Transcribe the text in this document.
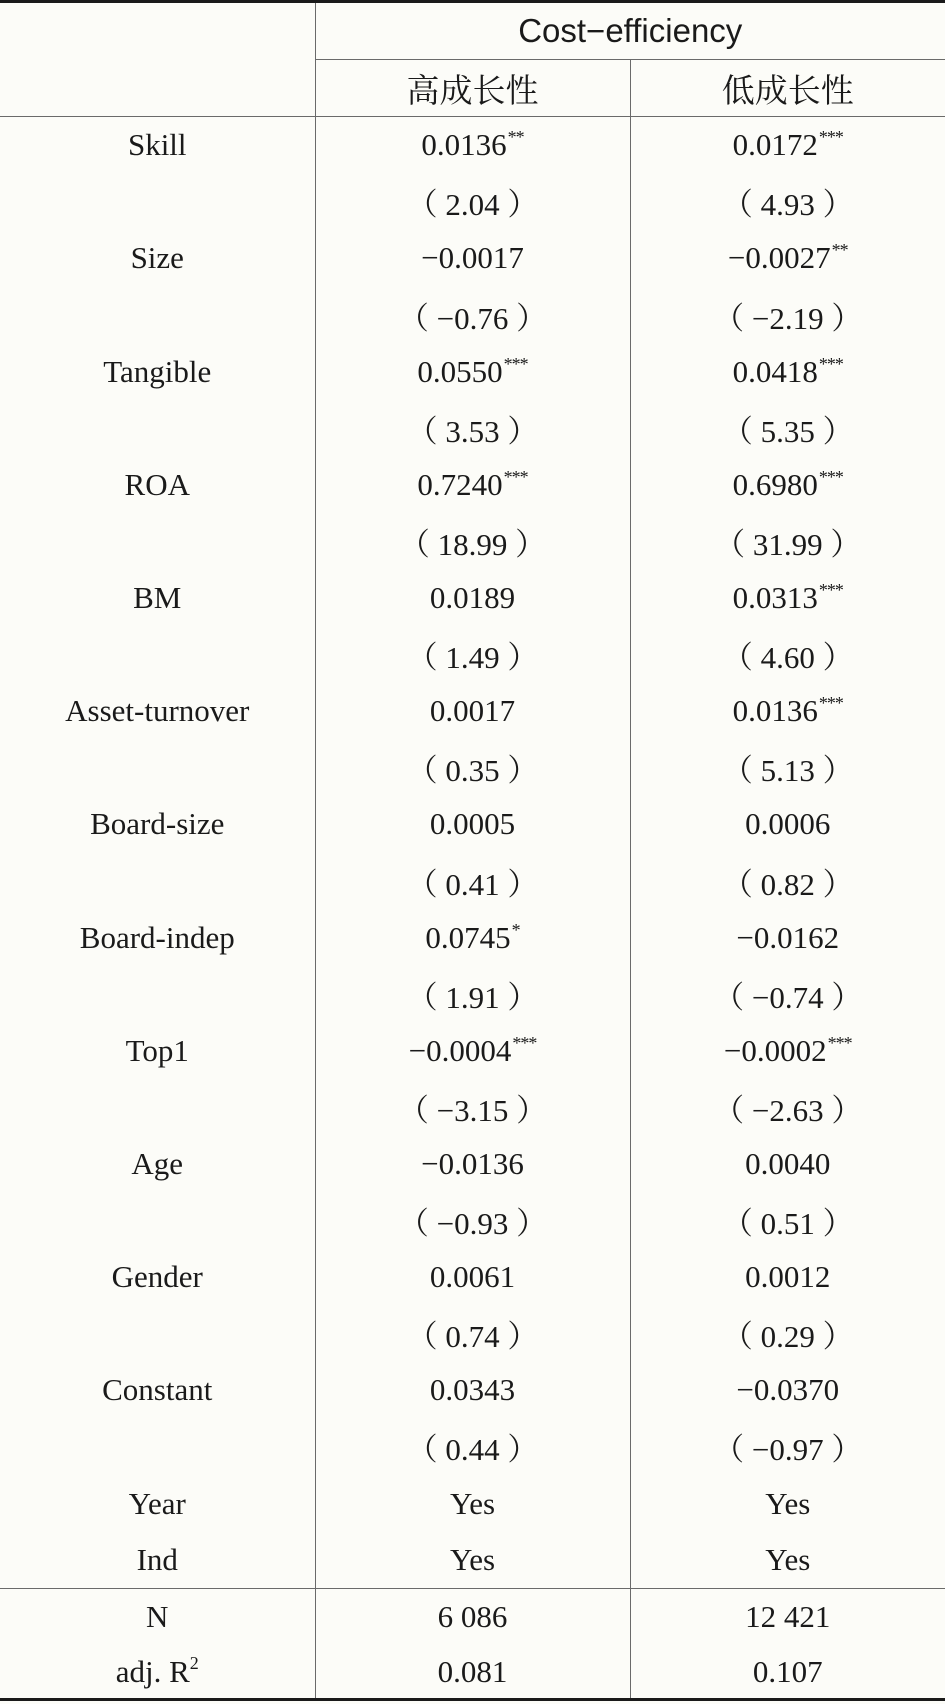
	Cost−efficiency	
	高成长性	低成长性
Skill	0.0136**	0.0172***
	（ 2.04 ）	（ 4.93 ）
Size	−0.0017	−0.0027**
	（ −0.76 ）	（ −2.19 ）
Tangible	0.0550***	0.0418***
	（ 3.53 ）	（ 5.35 ）
ROA	0.7240***	0.6980***
	（ 18.99 ）	（ 31.99 ）
BM	0.0189	0.0313***
	（ 1.49 ）	（ 4.60 ）
Asset-turnover	0.0017	0.0136***
	（ 0.35 ）	（ 5.13 ）
Board-size	0.0005	0.0006
	（ 0.41 ）	（ 0.82 ）
Board-indep	0.0745*	−0.0162
	（ 1.91 ）	（ −0.74 ）
Top1	−0.0004***	−0.0002***
	（ −3.15 ）	（ −2.63 ）
Age	−0.0136	0.0040
	（ −0.93 ）	（ 0.51 ）
Gender	0.0061	0.0012
	（ 0.74 ）	（ 0.29 ）
Constant	0.0343	−0.0370
	（ 0.44 ）	（ −0.97 ）
Year	Yes	Yes
Ind	Yes	Yes
N	6 086	12 421
adj. $R^2$	0.081	0.107
